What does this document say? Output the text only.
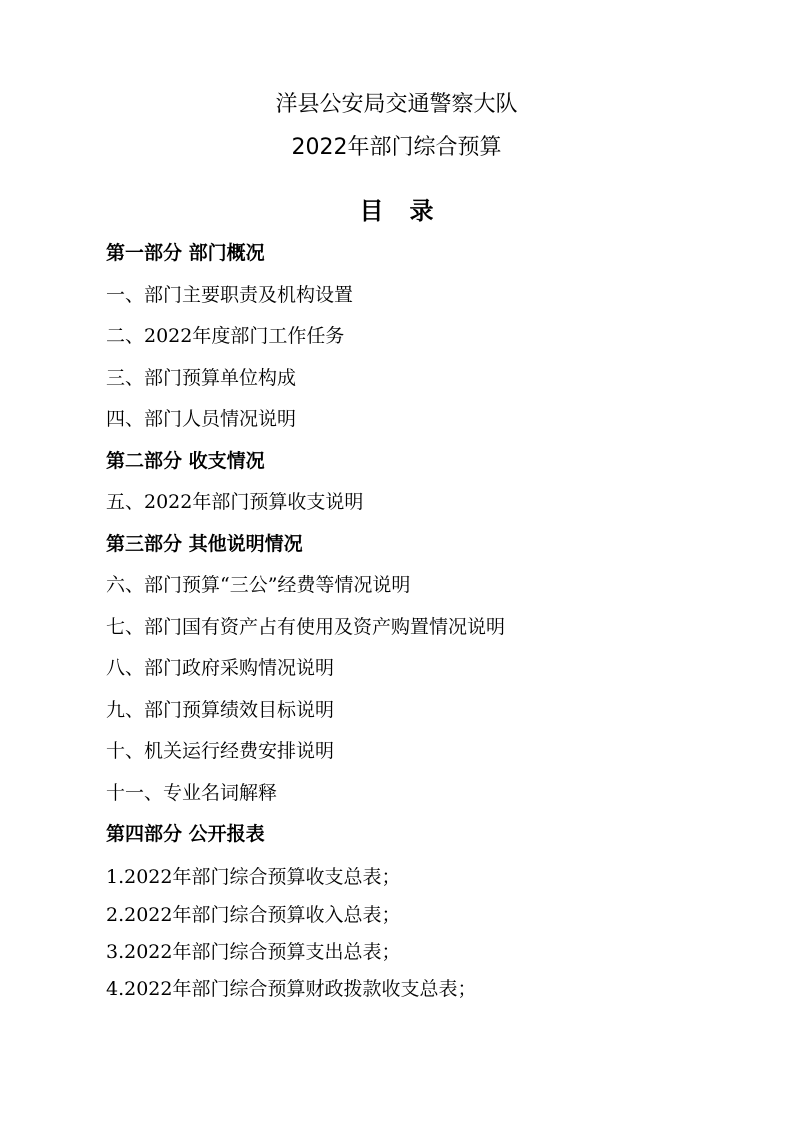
洋县公安局交通警察大队
2022年部门综合预算
目录
第一部分 部门概况
一、部门主要职责及机构设置
二、2022年度部门工作任务
三、部门预算单位构成
四、部门人员情况说明
第二部分 收支情况
五、2022年部门预算收支说明
第三部分 其他说明情况
六、部门预算“三公”经费等情况说明
七、部门国有资产占有使用及资产购置情况说明
八、部门政府采购情况说明
九、部门预算绩效目标说明
十、机关运行经费安排说明
十一、专业名词解释
第四部分 公开报表
1.2022年部门综合预算收支总表；
2.2022年部门综合预算收入总表；
3.2022年部门综合预算支出总表；
4.2022年部门综合预算财政拨款收支总表；
